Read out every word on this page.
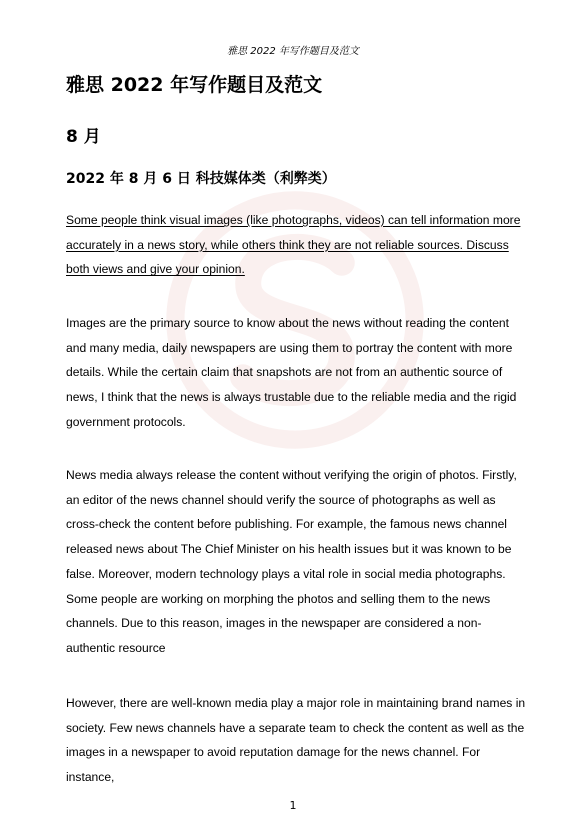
雅思 2022 年写作题目及范文
雅思 2022 年写作题目及范文
8 月
2022 年 8 月 6 日 科技媒体类（利弊类）

Some people think visual images (like photographs, videos) can tell information more accurately in a news story, while others think they are not reliable sources. Discuss both views and give your opinion.

Images are the primary source to know about the news without reading the content and many media, daily newspapers are using them to portray the content with more details. While the certain claim that snapshots are not from an authentic source of news, I think that the news is always trustable due to the reliable media and the rigid government protocols.

News media always release the content without verifying the origin of photos. Firstly, an editor of the news channel should verify the source of photographs as well as cross-check the content before publishing. For example, the famous news channel released news about The Chief Minister on his health issues but it was known to be false. Moreover, modern technology plays a vital role in social media photographs. Some people are working on morphing the photos and selling them to the news channels. Due to this reason, images in the newspaper are considered a non-authentic resource

However, there are well-known media play a major role in maintaining brand names in society. Few news channels have a separate team to check the content as well as the images in a newspaper to avoid reputation damage for the news channel. For instance,

1
